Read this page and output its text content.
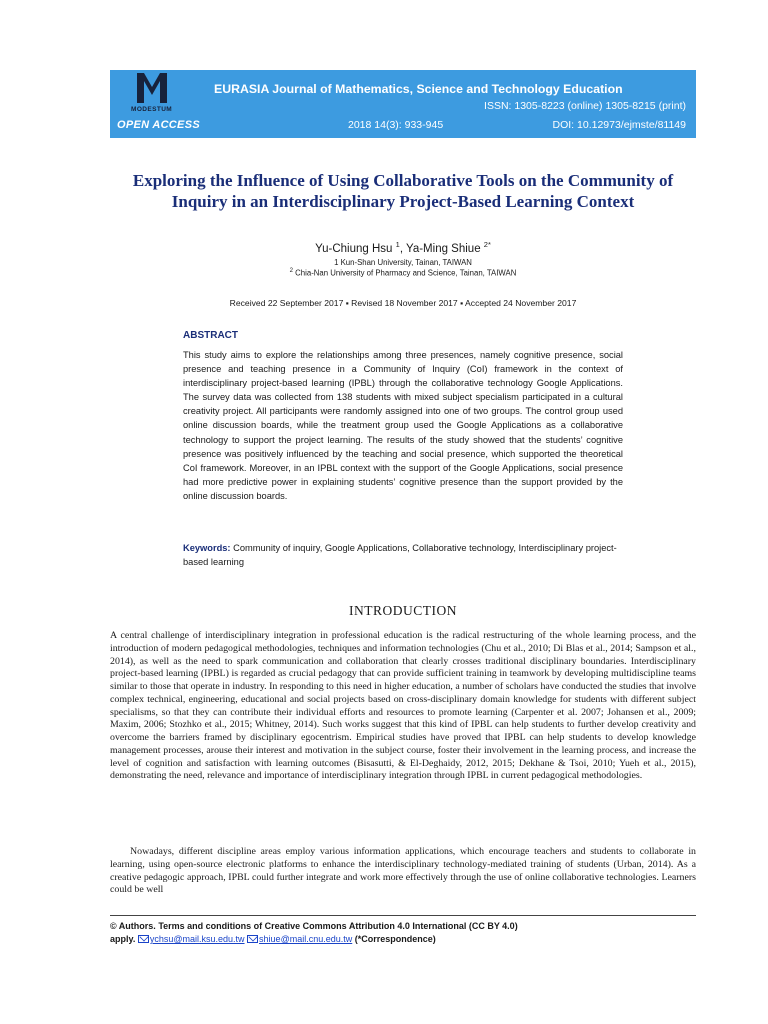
MODESTUM
OPEN ACCESS
EURASIA Journal of Mathematics, Science and Technology Education
ISSN: 1305-8223 (online) 1305-8215 (print)
2018 14(3): 933-945	DOI: 10.12973/ejmste/81149
Exploring the Influence of Using Collaborative Tools on the Community of Inquiry in an Interdisciplinary Project-Based Learning Context
Yu-Chiung Hsu $^1$, Ya-Ming Shiue $^{2*}$
1 Kun-Shan University, Tainan, TAIWAN
$^2$ Chia-Nan University of Pharmacy and Science, Tainan, TAIWAN
Received 22 September 2017 ▪ Revised 18 November 2017 ▪ Accepted 24 November 2017
ABSTRACT
This study aims to explore the relationships among three presences, namely cognitive presence, social presence and teaching presence in a Community of Inquiry (CoI) framework in the context of interdisciplinary project-based learning (IPBL) through the collaborative technology Google Applications. The survey data was collected from 138 students with mixed subject specialism participated in a cultural creativity project. All participants were randomly assigned into one of two groups. The control group used online discussion boards, while the treatment group used the Google Applications as a collaborative technology to support the project learning. The results of the study showed that the students’ cognitive presence was positively influenced by the teaching and social presence, which supported the theoretical CoI framework. Moreover, in an IPBL context with the support of the Google Applications, social presence had more predictive power in explaining students’ cognitive presence than the support provided by the online discussion boards.
Keywords: Community of inquiry, Google Applications, Collaborative technology, Interdisciplinary project-based learning
INTRODUCTION
A central challenge of interdisciplinary integration in professional education is the radical restructuring of the whole learning process, and the introduction of modern pedagogical methodologies, techniques and information technologies (Chu et al., 2010; Di Blas et al., 2014; Sampson et al., 2014), as well as the need to spark communication and collaboration that clearly crosses traditional disciplinary boundaries. Interdisciplinary project-based learning (IPBL) is regarded as crucial pedagogy that can provide sufficient training in teamwork by developing multidiscipline teams similar to those that operate in industry. In responding to this need in higher education, a number of scholars have conducted the studies that involve complex technical, engineering, educational and social projects based on cross-disciplinary domain knowledge for students with different subject specialisms, so that they can contribute their individual efforts and resources to promote learning (Carpenter et al. 2007; Johansen et al., 2009; Maxim, 2006; Stozhko et al., 2015; Whitney, 2014). Such works suggest that this kind of IPBL can help students to further develop creativity and overcome the barriers framed by disciplinary egocentrism. Empirical studies have proved that IPBL can help students to develop knowledge management processes, arouse their interest and motivation in the subject course, foster their involvement in the learning process, and increase the level of cognition and satisfaction with learning outcomes (Bisasutti, & El-Deghaidy, 2012, 2015; Dekhane & Tsoi, 2010; Yueh et al., 2015), demonstrating the need, relevance and importance of interdisciplinary integration through IPBL in current pedagogical methodologies.
Nowadays, different discipline areas employ various information applications, which encourage teachers and students to collaborate in learning, using open-source electronic platforms to enhance the interdisciplinary technology-mediated training of students (Urban, 2014). As a creative pedagogic approach, IPBL could further integrate and work more effectively through the use of online collaborative technologies. Learners could be well
© Authors. Terms and conditions of Creative Commons Attribution 4.0 International (CC BY 4.0)
apply. ychsu@mail.ksu.edu.tw shiue@mail.cnu.edu.tw (*Correspondence)
